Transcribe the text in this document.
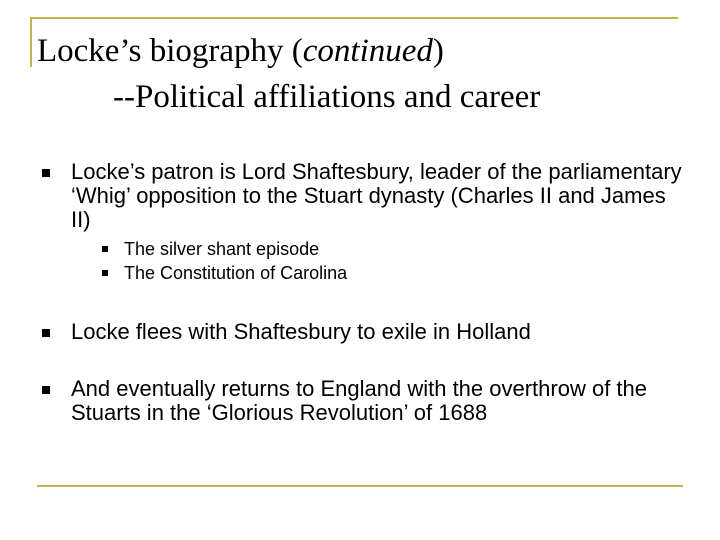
Locke’s biography (continued)
--Political affiliations and career
Locke’s patron is Lord Shaftesbury, leader of the parliamentary ‘Whig’ opposition to the Stuart dynasty (Charles II and James II)
The silver shant episode
The Constitution of Carolina
Locke flees with Shaftesbury to exile in Holland
And eventually returns to England with the overthrow of the Stuarts in the ‘Glorious Revolution’ of 1688
